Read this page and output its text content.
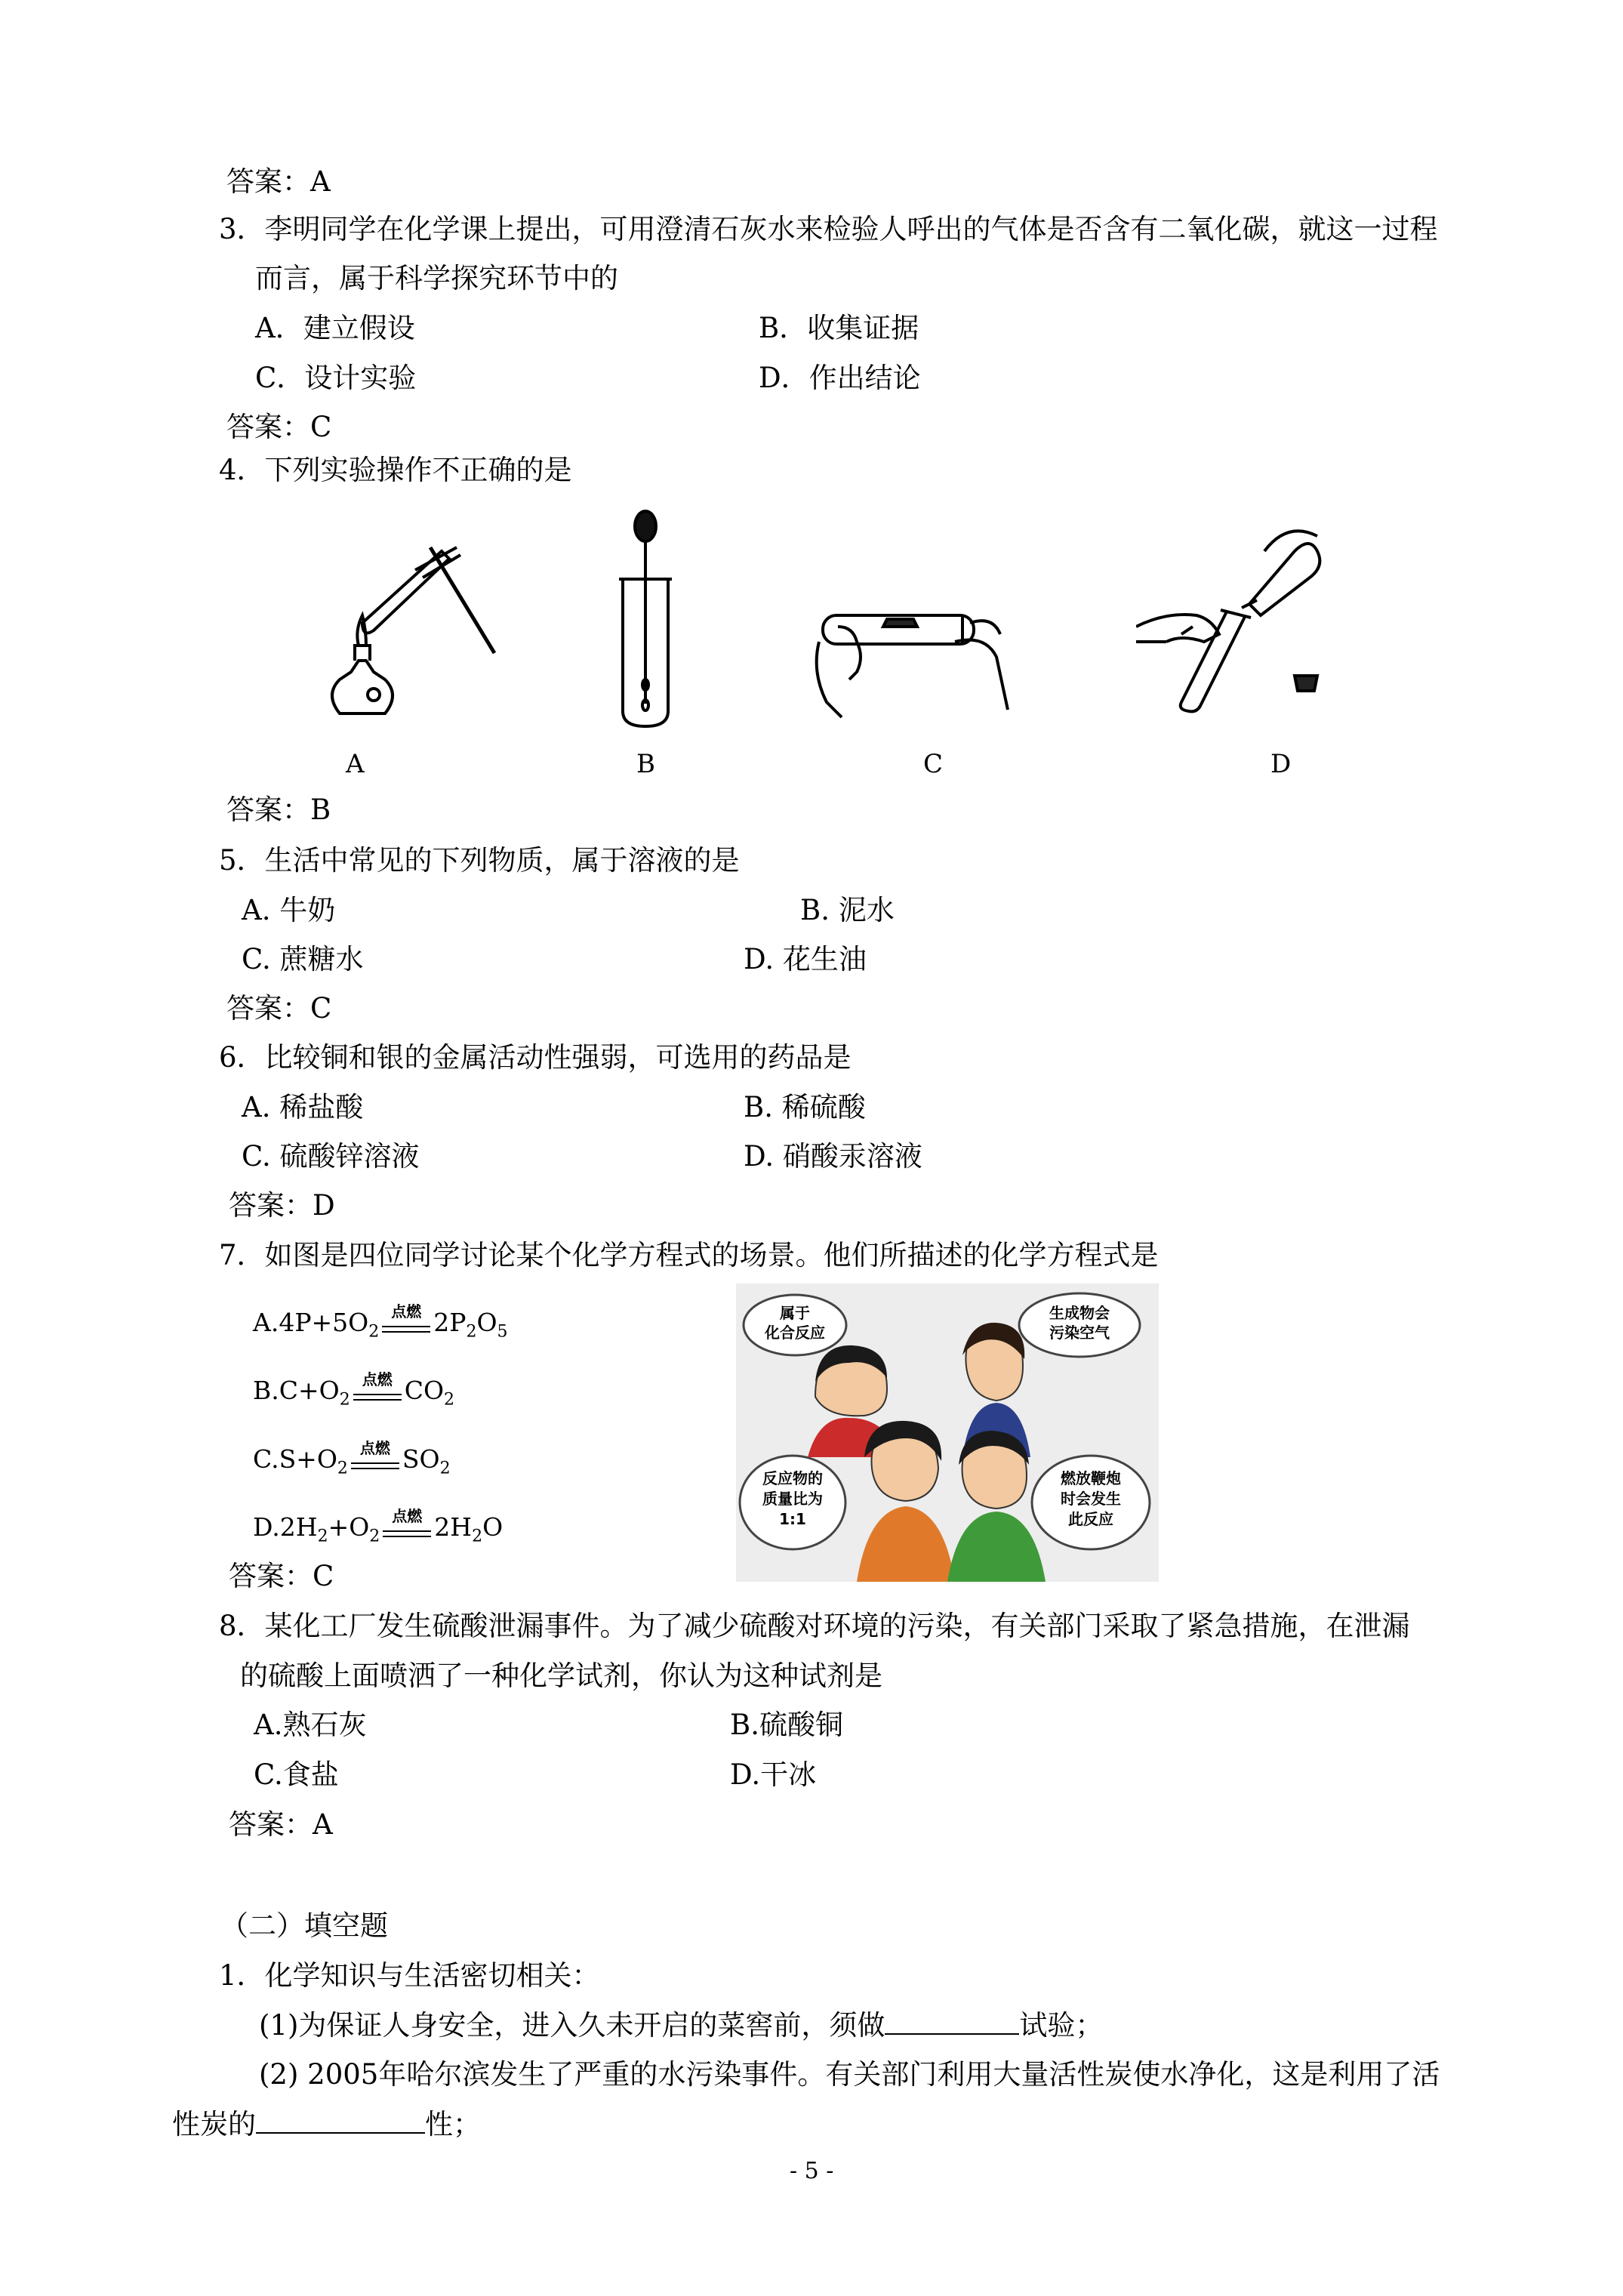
答案：A
3．李明同学在化学课上提出，可用澄清石灰水来检验人呼出的气体是否含有二氧化碳，就这一过程
而言，属于科学探究环节中的
A．建立假设	B．收集证据
C．设计实验	D．作出结论
答案：C
4．下列实验操作不正确的是
A	B	C	D
答案：B
5．生活中常见的下列物质，属于溶液的是
A. 牛奶	B. 泥水
C. 蔗糖水	D. 花生油
答案：C
6．比较铜和银的金属活动性强弱，可选用的药品是
A. 稀盐酸	B. 稀硫酸
C. 硫酸锌溶液	D. 硝酸汞溶液
答案：D
7．如图是四位同学讨论某个化学方程式的场景。他们所描述的化学方程式是
$A.4P+5O_2$
点燃 $2P_2O_5$
$B.C+O_2$
点燃 $CO_2$
$C.S+O_2$
点燃 $SO_2$
$D.2H_2+O_2$
点燃 $2H_2O$
属于
化合反应
生成物会
污染空气
反应物的
质量比为
1:1
燃放鞭炮
时会发生
此反应
答案：C
8．某化工厂发生硫酸泄漏事件。为了减少硫酸对环境的污染，有关部门采取了紧急措施，在泄漏
的硫酸上面喷洒了一种化学试剂，你认为这种试剂是
A.熟石灰	B.硫酸铜
C.食盐	D.干冰
答案：A
（二）填空题
1．化学知识与生活密切相关：
(1)为保证人身安全，进入久未开启的菜窖前，须做	试验；
(2) 2005年哈尔滨发生了严重的水污染事件。有关部门利用大量活性炭使水净化，这是利用了活
性炭的	性；
- 5 -
